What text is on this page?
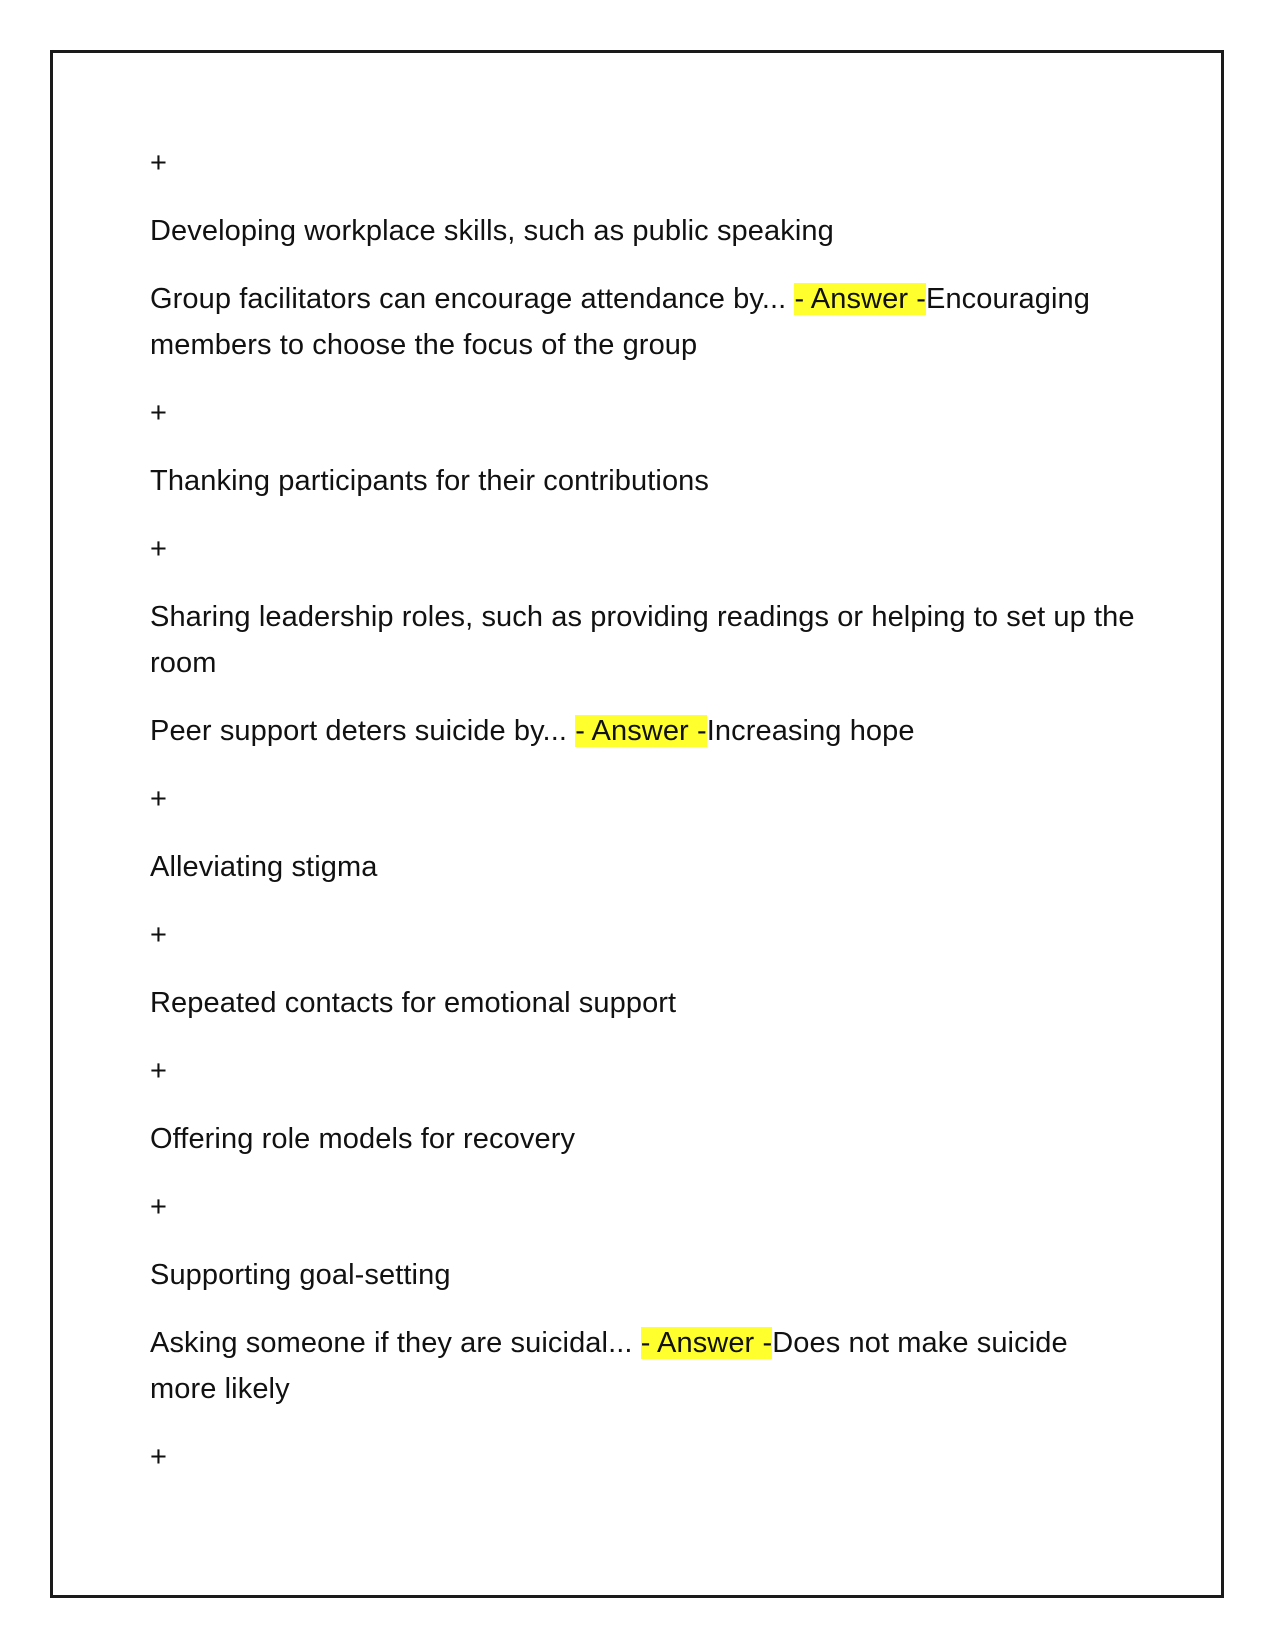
+
Developing workplace skills, such as public speaking
Group facilitators can encourage attendance by... - Answer -Encouraging members to choose the focus of the group
+
Thanking participants for their contributions
+
Sharing leadership roles, such as providing readings or helping to set up the room
Peer support deters suicide by... - Answer -Increasing hope
+
Alleviating stigma
+
Repeated contacts for emotional support
+
Offering role models for recovery
+
Supporting goal-setting
Asking someone if they are suicidal... - Answer -Does not make suicide more likely
+
